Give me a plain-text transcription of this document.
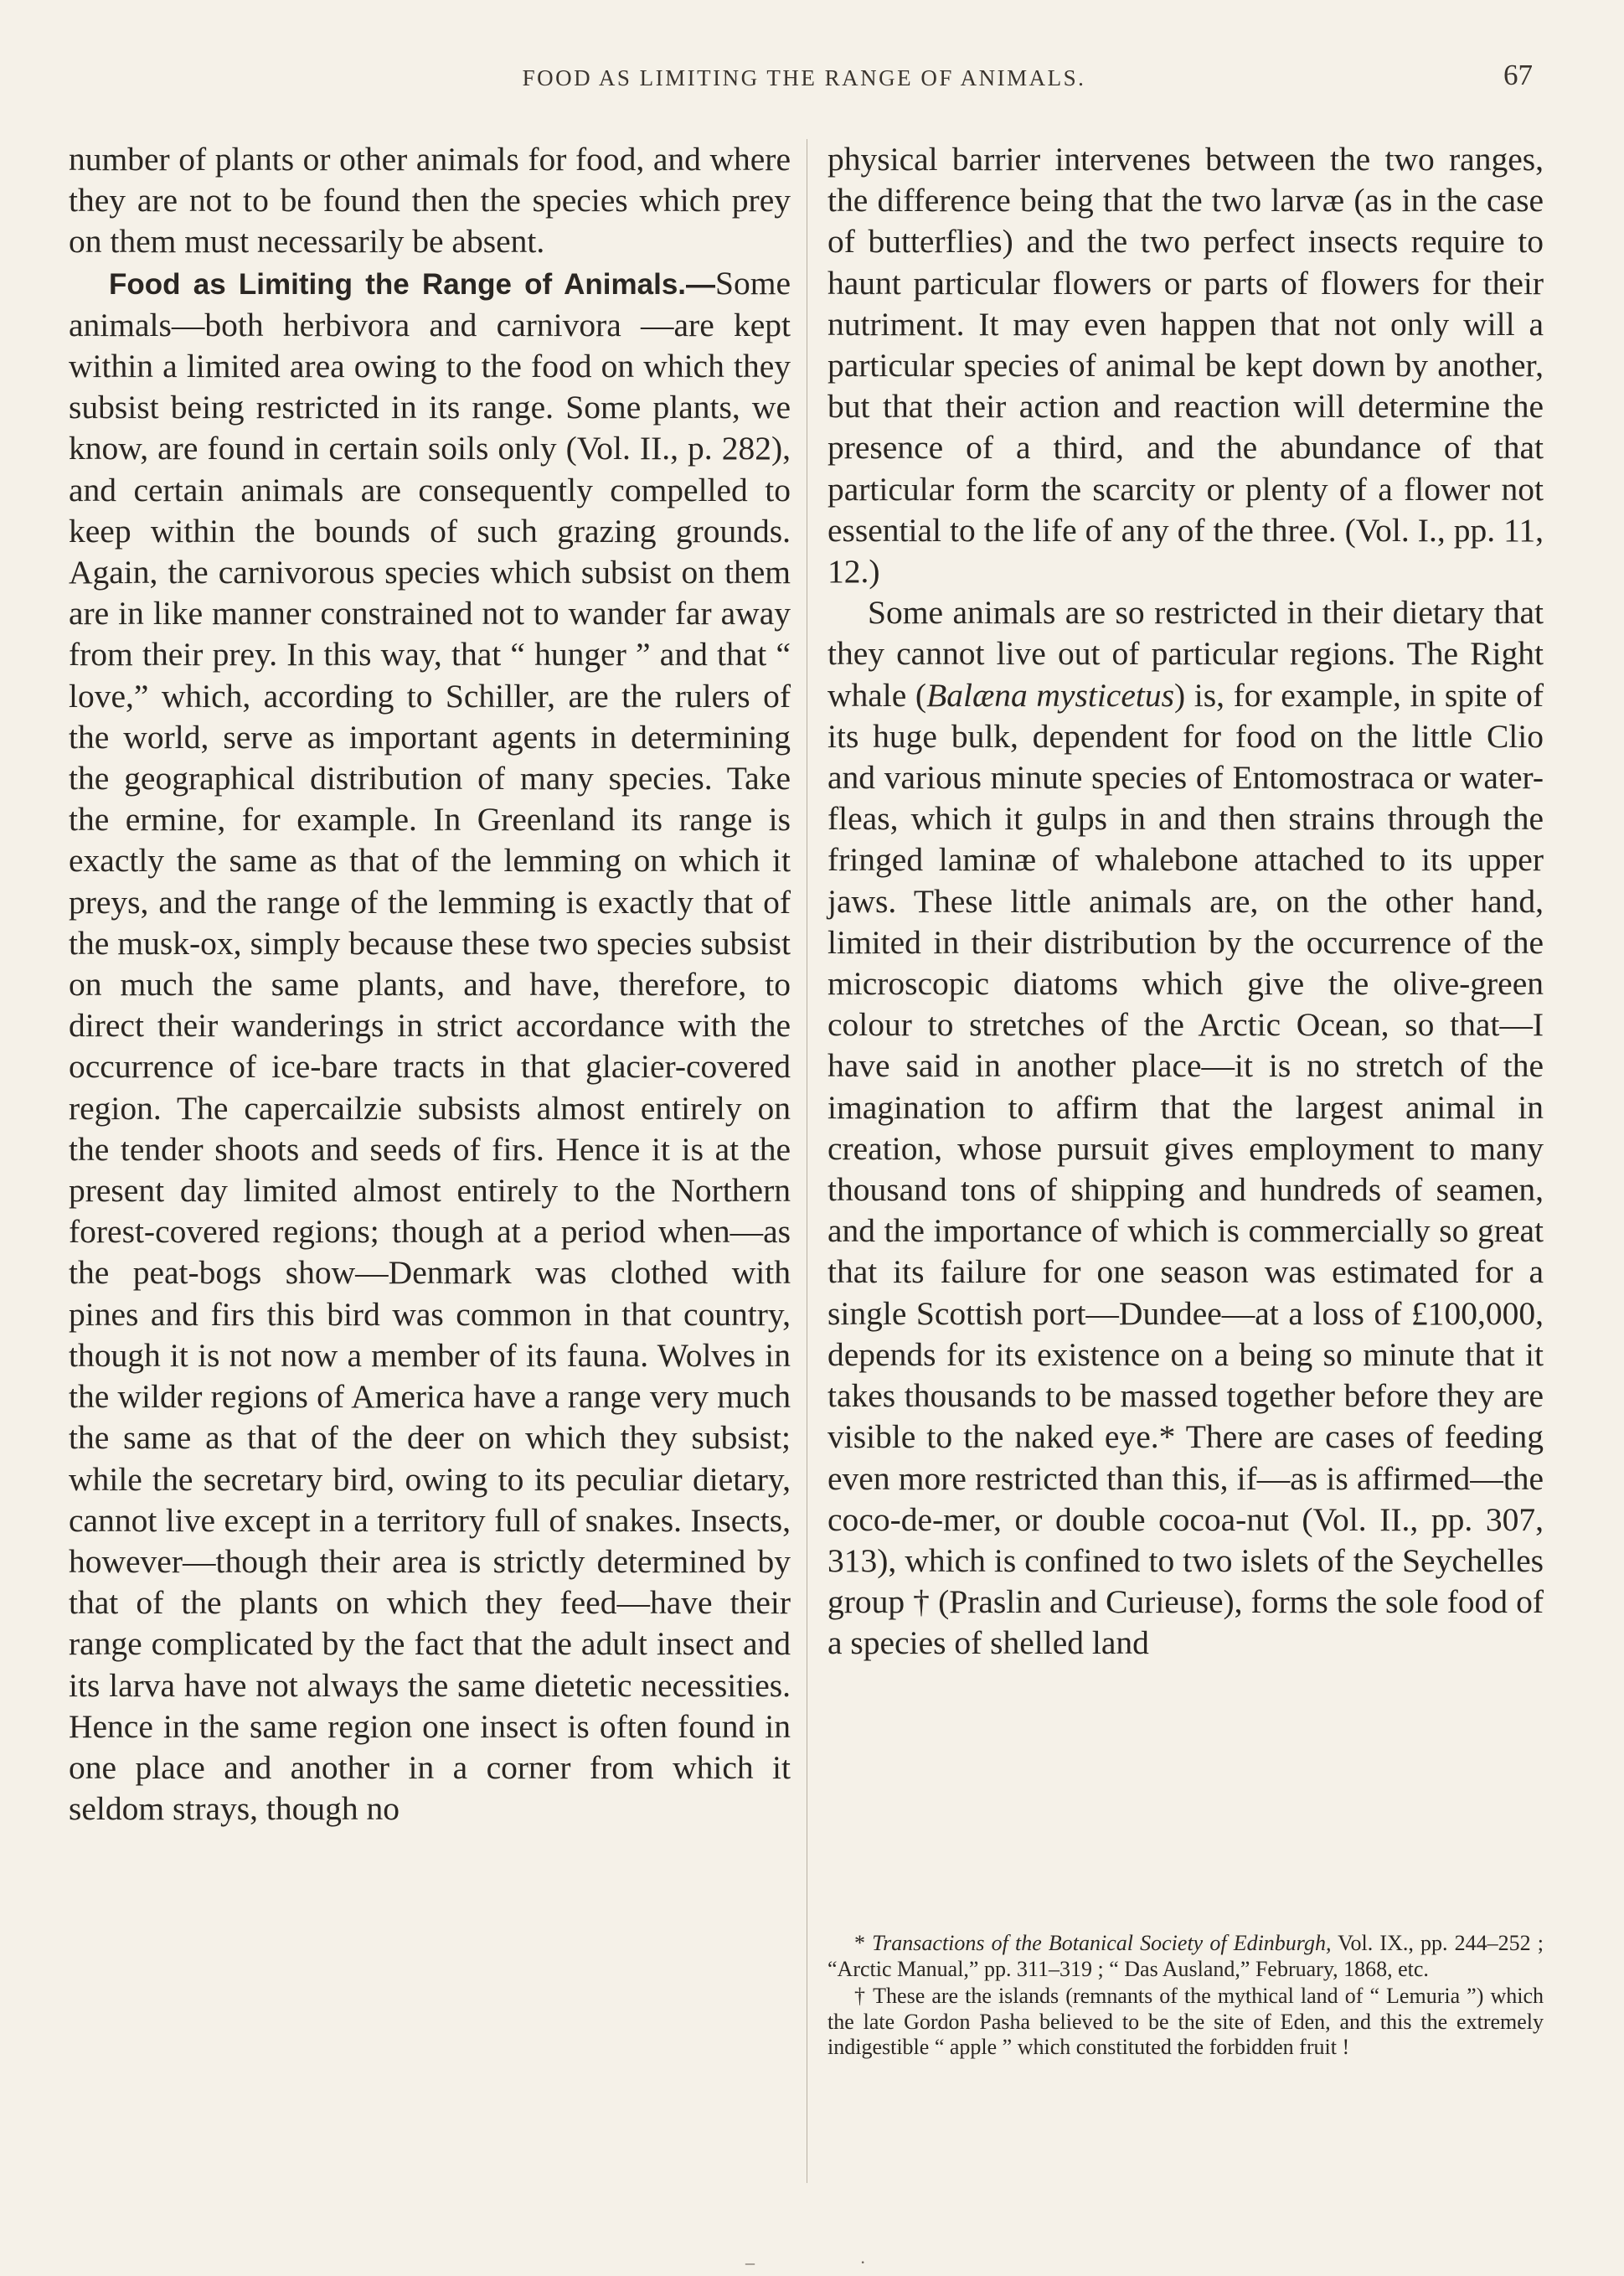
FOOD AS LIMITING THE RANGE OF ANIMALS.	67

number of plants or other animals for food, and where they are not to be found then the species which prey on them must necessarily be absent.

Food as Limiting the Range of Animals.—Some animals—both herbivora and carnivora —are kept within a limited area owing to the food on which they subsist being restricted in its range. Some plants, we know, are found in certain soils only (Vol. II., p. 282), and certain animals are consequently compelled to keep within the bounds of such grazing grounds. Again, the carnivorous species which subsist on them are in like manner constrained not to wander far away from their prey. In this way, that “ hunger ” and that “ love,” which, according to Schiller, are the rulers of the world, serve as important agents in determining the geographical distribution of many species. Take the ermine, for example. In Greenland its range is exactly the same as that of the lemming on which it preys, and the range of the lemming is exactly that of the musk-ox, simply because these two species subsist on much the same plants, and have, therefore, to direct their wanderings in strict accordance with the occurrence of ice-bare tracts in that glacier-covered region. The capercailzie subsists almost entirely on the tender shoots and seeds of firs. Hence it is at the present day limited almost entirely to the Northern forest-covered regions; though at a period when—as the peat-bogs show—Denmark was clothed with pines and firs this bird was common in that country, though it is not now a member of its fauna. Wolves in the wilder regions of America have a range very much the same as that of the deer on which they subsist; while the secretary bird, owing to its peculiar dietary, cannot live except in a territory full of snakes. Insects, however—though their area is strictly determined by that of the plants on which they feed—have their range complicated by the fact that the adult insect and its larva have not always the same dietetic necessities. Hence in the same region one insect is often found in one place and another in a corner from which it seldom strays, though no

physical barrier intervenes between the two ranges, the difference being that the two larvæ (as in the case of butterflies) and the two perfect insects require to haunt particular flowers or parts of flowers for their nutriment. It may even happen that not only will a particular species of animal be kept down by another, but that their action and reaction will determine the presence of a third, and the abundance of that particular form the scarcity or plenty of a flower not essential to the life of any of the three. (Vol. I., pp. 11, 12.)

Some animals are so restricted in their dietary that they cannot live out of particular regions. The Right whale (Balæna mysticetus) is, for example, in spite of its huge bulk, dependent for food on the little Clio and various minute species of Entomostraca or water-fleas, which it gulps in and then strains through the fringed laminæ of whalebone attached to its upper jaws. These little animals are, on the other hand, limited in their distribution by the occurrence of the microscopic diatoms which give the olive-green colour to stretches of the Arctic Ocean, so that—I have said in another place—it is no stretch of the imagination to affirm that the largest animal in creation, whose pursuit gives employment to many thousand tons of shipping and hundreds of seamen, and the importance of which is commercially so great that its failure for one season was estimated for a single Scottish port—Dundee—at a loss of £100,000, depends for its existence on a being so minute that it takes thousands to be massed together before they are visible to the naked eye.* There are cases of feeding even more restricted than this, if—as is affirmed—the coco-de-mer, or double cocoa-nut (Vol. II., pp. 307, 313), which is confined to two islets of the Seychelles group † (Praslin and Curieuse), forms the sole food of a species of shelled land

* Transactions of the Botanical Society of Edinburgh, Vol. IX., pp. 244–252 ; “Arctic Manual,” pp. 311–319 ; “ Das Ausland,” February, 1868, etc.

† These are the islands (remnants of the mythical land of “ Lemuria ”) which the late Gordon Pasha believed to be the site of Eden, and this the extremely indigestible “ apple ” which constituted the forbidden fruit !

– ·
